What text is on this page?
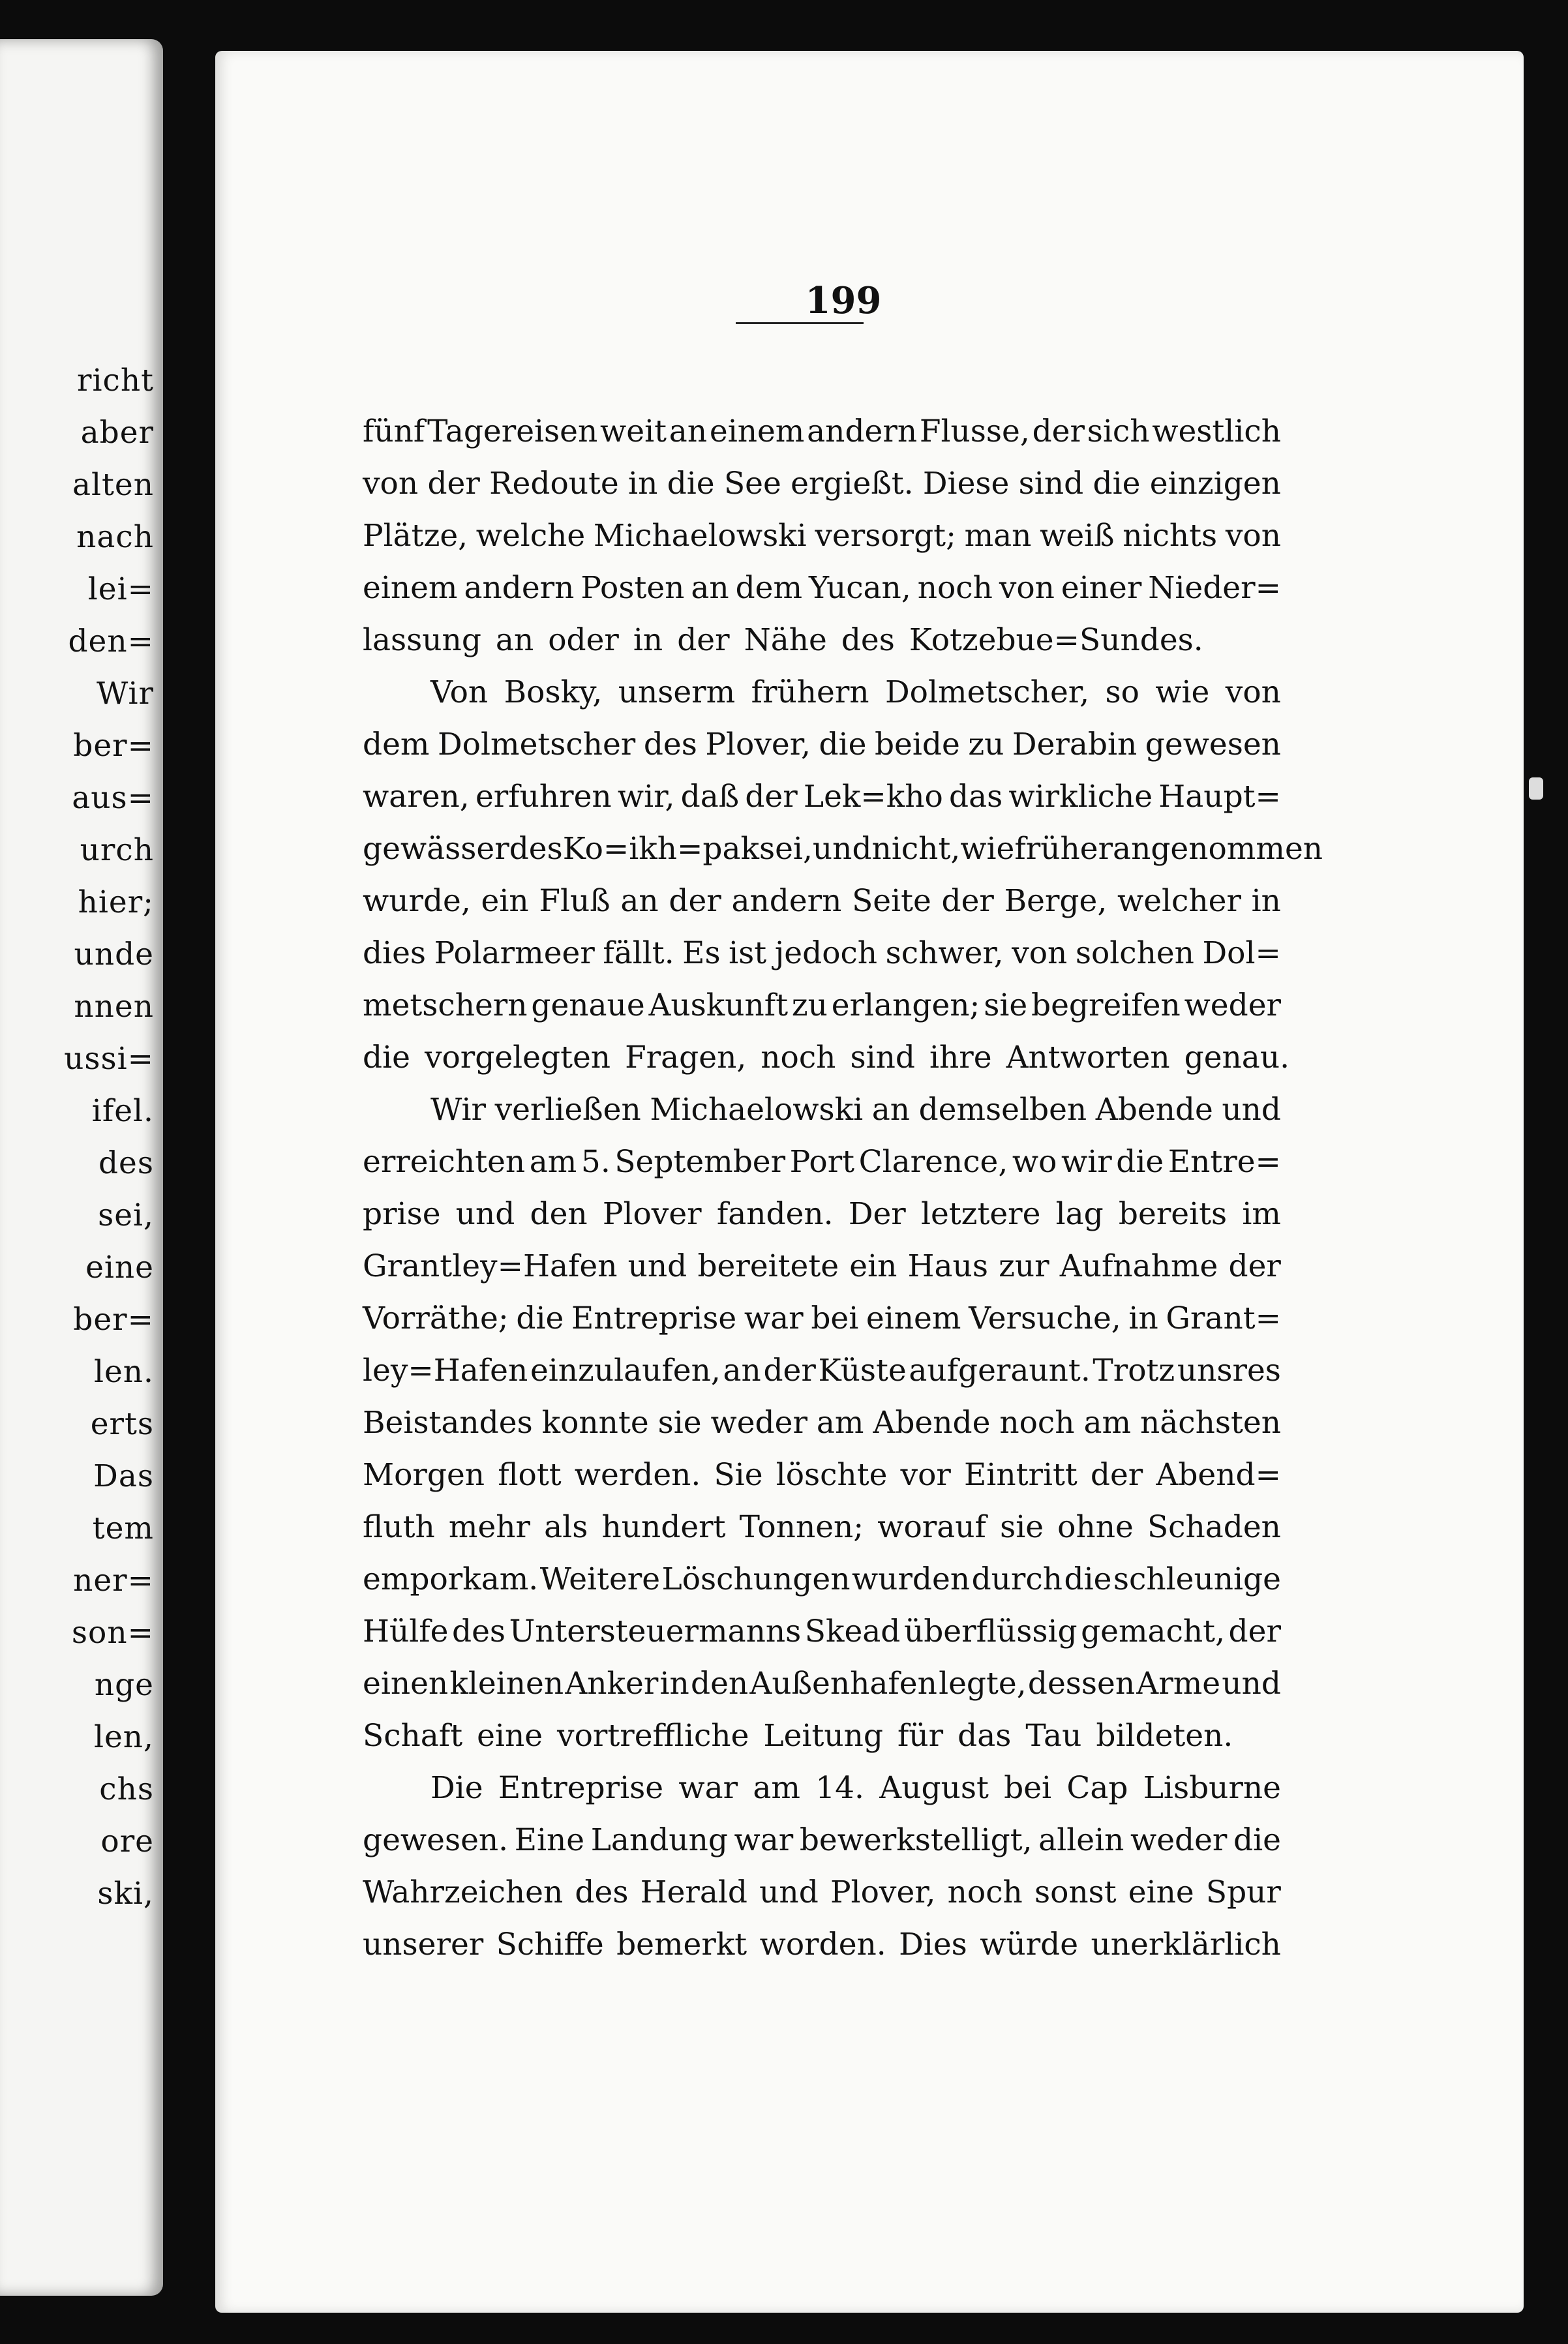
richt
aber
alten
nach
lei=
den=
Wir
ber=
aus=
urch
hier;
unde
nnen
ussi=
ifel.
des
sei,
eine
ber=
len.
erts
Das
tem
ner=
son=
nge
len,
chs
ore
ski,
199
fünf Tagereisen weit an einem andern Flusse, der sich westlich
von der Redoute in die See ergießt. Diese sind die einzigen
Plätze, welche Michaelowski versorgt; man weiß nichts von
einem andern Posten an dem Yucan, noch von einer Nieder=
lassung an oder in der Nähe des Kotzebue=Sundes.
Von Bosky, unserm frühern Dolmetscher, so wie von
dem Dolmetscher des Plover, die beide zu Derabin gewesen
waren, erfuhren wir, daß der Lek=kho das wirkliche Haupt=
gewässer des Ko=ikh=pak sei, und nicht, wie früher angenommen
wurde, ein Fluß an der andern Seite der Berge, welcher in
dies Polarmeer fällt. Es ist jedoch schwer, von solchen Dol=
metschern genaue Auskunft zu erlangen; sie begreifen weder
die vorgelegten Fragen, noch sind ihre Antworten genau.
Wir verließen Michaelowski an demselben Abende und
erreichten am 5. September Port Clarence, wo wir die Entre=
prise und den Plover fanden. Der letztere lag bereits im
Grantley=Hafen und bereitete ein Haus zur Aufnahme der
Vorräthe; die Entreprise war bei einem Versuche, in Grant=
ley=Hafen einzulaufen, an der Küste aufgeraunt. Trotz unsres
Beistandes konnte sie weder am Abende noch am nächsten
Morgen flott werden. Sie löschte vor Eintritt der Abend=
fluth mehr als hundert Tonnen; worauf sie ohne Schaden
emporkam. Weitere Löschungen wurden durch die schleunige
Hülfe des Untersteuermanns Skead überflüssig gemacht, der
einen kleinen Anker in den Außenhafen legte, dessen Arme und
Schaft eine vortreffliche Leitung für das Tau bildeten.
Die Entreprise war am 14. August bei Cap Lisburne
gewesen. Eine Landung war bewerkstelligt, allein weder die
Wahrzeichen des Herald und Plover, noch sonst eine Spur
unserer Schiffe bemerkt worden. Dies würde unerklärlich
